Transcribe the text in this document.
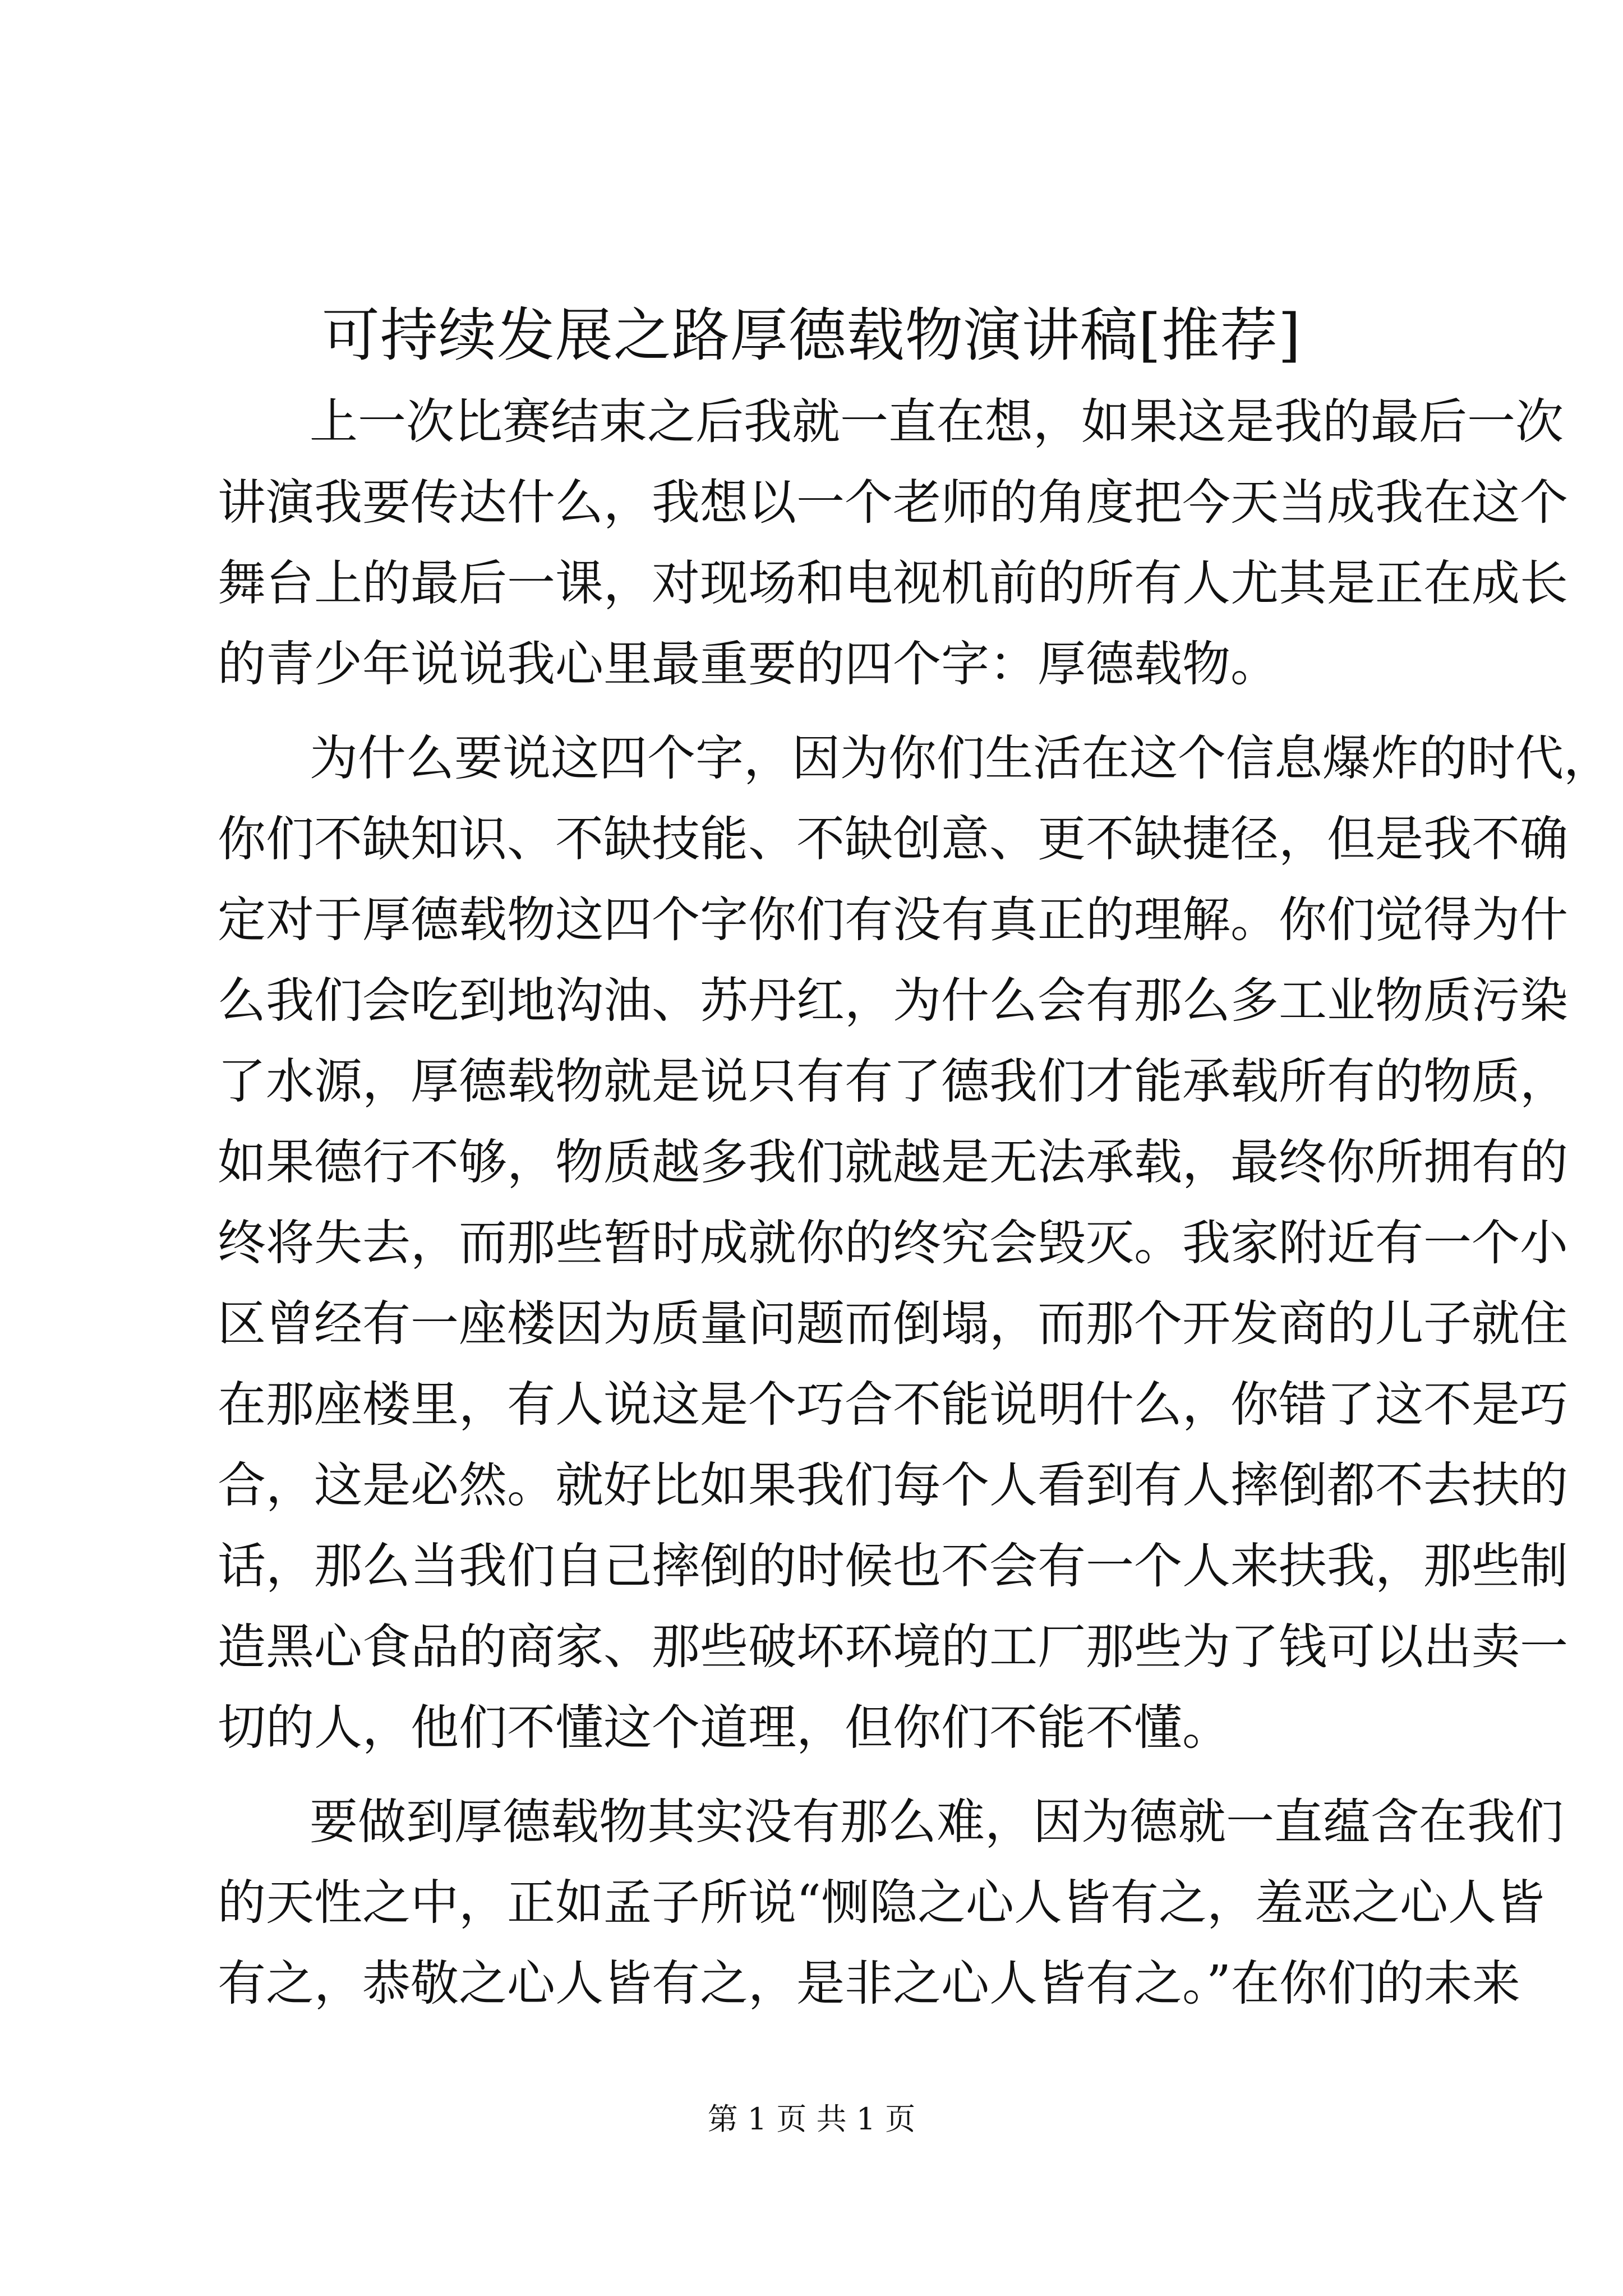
可持续发展之路厚德载物演讲稿[推荐]
上一次比赛结束之后我就一直在想，如果这是我的最后一次
讲演我要传达什么，我想以一个老师的角度把今天当成我在这个
舞台上的最后一课，对现场和电视机前的所有人尤其是正在成长
的青少年说说我心里最重要的四个字：厚德载物。
为什么要说这四个字，因为你们生活在这个信息爆炸的时代，
你们不缺知识、不缺技能、不缺创意、更不缺捷径，但是我不确
定对于厚德载物这四个字你们有没有真正的理解。你们觉得为什
么我们会吃到地沟油、苏丹红，为什么会有那么多工业物质污染
了水源，厚德载物就是说只有有了德我们才能承载所有的物质，
如果德行不够，物质越多我们就越是无法承载，最终你所拥有的
终将失去，而那些暂时成就你的终究会毁灭。我家附近有一个小
区曾经有一座楼因为质量问题而倒塌，而那个开发商的儿子就住
在那座楼里，有人说这是个巧合不能说明什么，你错了这不是巧
合，这是必然。就好比如果我们每个人看到有人摔倒都不去扶的
话，那么当我们自己摔倒的时候也不会有一个人来扶我，那些制
造黑心食品的商家、那些破坏环境的工厂那些为了钱可以出卖一
切的人，他们不懂这个道理，但你们不能不懂。
要做到厚德载物其实没有那么难，因为德就一直蕴含在我们
的天性之中，正如孟子所说“恻隐之心人皆有之，羞恶之心人皆
有之，恭敬之心人皆有之，是非之心人皆有之。”在你们的未来
第 1 页 共 1 页
